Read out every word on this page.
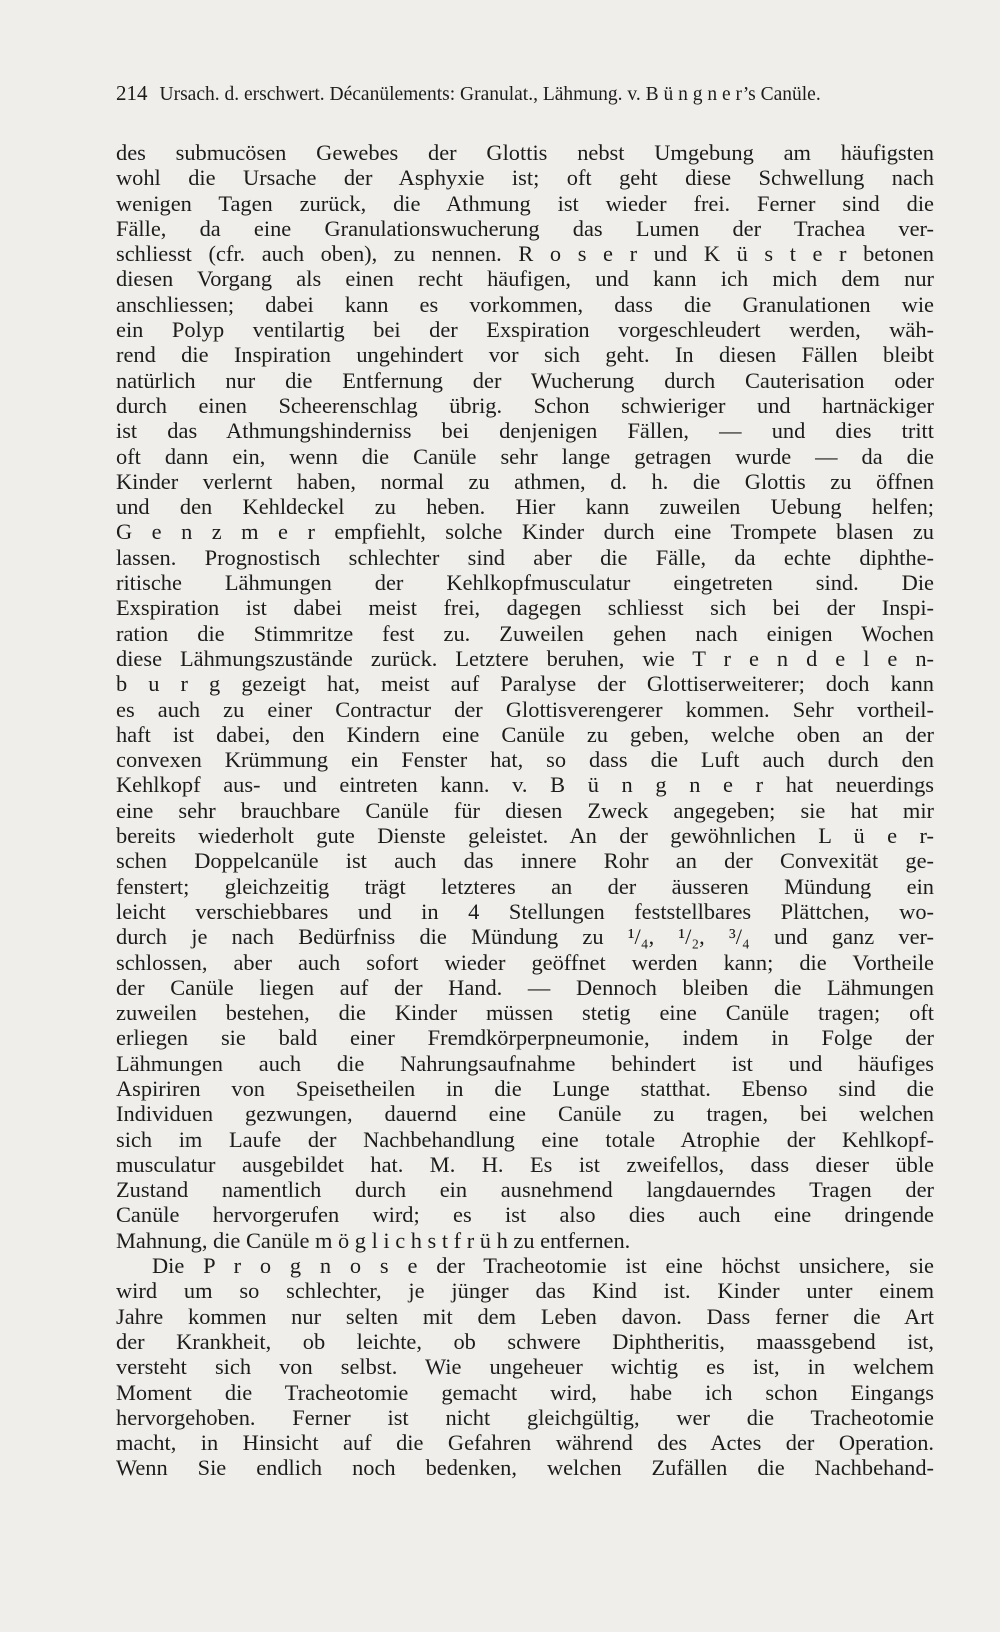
214 Ursach. d. erschwert. Décanülements: Granulat., Lähmung. v. B ü n g n e r’s Canüle.
des submucösen Gewebes der Glottis nebst Umgebung am häufigsten
wohl die Ursache der Asphyxie ist; oft geht diese Schwellung nach
wenigen Tagen zurück, die Athmung ist wieder frei. Ferner sind die
Fälle, da eine Granulationswucherung das Lumen der Trachea ver-
schliesst (cfr. auch oben), zu nennen. R o s e r und K ü s t e r betonen
diesen Vorgang als einen recht häufigen, und kann ich mich dem nur
anschliessen; dabei kann es vorkommen, dass die Granulationen wie
ein Polyp ventilartig bei der Exspiration vorgeschleudert werden, wäh-
rend die Inspiration ungehindert vor sich geht. In diesen Fällen bleibt
natürlich nur die Entfernung der Wucherung durch Cauterisation oder
durch einen Scheerenschlag übrig. Schon schwieriger und hartnäckiger
ist das Athmungshinderniss bei denjenigen Fällen, — und dies tritt
oft dann ein, wenn die Canüle sehr lange getragen wurde — da die
Kinder verlernt haben, normal zu athmen, d. h. die Glottis zu öffnen
und den Kehldeckel zu heben. Hier kann zuweilen Uebung helfen;
G e n z m e r empfiehlt, solche Kinder durch eine Trompete blasen zu
lassen. Prognostisch schlechter sind aber die Fälle, da echte diphthe-
ritische Lähmungen der Kehlkopfmusculatur eingetreten sind. Die
Exspiration ist dabei meist frei, dagegen schliesst sich bei der Inspi-
ration die Stimmritze fest zu. Zuweilen gehen nach einigen Wochen
diese Lähmungszustände zurück. Letztere beruhen, wie T r e n d e l e n-
b u r g gezeigt hat, meist auf Paralyse der Glottiserweiterer; doch kann
es auch zu einer Contractur der Glottisverengerer kommen. Sehr vortheil-
haft ist dabei, den Kindern eine Canüle zu geben, welche oben an der
convexen Krümmung ein Fenster hat, so dass die Luft auch durch den
Kehlkopf aus- und eintreten kann. v. B ü n g n e r hat neuerdings
eine sehr brauchbare Canüle für diesen Zweck angegeben; sie hat mir
bereits wiederholt gute Dienste geleistet. An der gewöhnlichen L ü e r-
schen Doppelcanüle ist auch das innere Rohr an der Convexität ge-
fenstert; gleichzeitig trägt letzteres an der äusseren Mündung ein
leicht verschiebbares und in 4 Stellungen feststellbares Plättchen, wo-
durch je nach Bedürfniss die Mündung zu ¹/₄, ¹/₂, ³/₄ und ganz ver-
schlossen, aber auch sofort wieder geöffnet werden kann; die Vortheile
der Canüle liegen auf der Hand. — Dennoch bleiben die Lähmungen
zuweilen bestehen, die Kinder müssen stetig eine Canüle tragen; oft
erliegen sie bald einer Fremdkörperpneumonie, indem in Folge der
Lähmungen auch die Nahrungsaufnahme behindert ist und häufiges
Aspiriren von Speisetheilen in die Lunge statthat. Ebenso sind die
Individuen gezwungen, dauernd eine Canüle zu tragen, bei welchen
sich im Laufe der Nachbehandlung eine totale Atrophie der Kehlkopf-
musculatur ausgebildet hat. M. H. Es ist zweifellos, dass dieser üble
Zustand namentlich durch ein ausnehmend langdauerndes Tragen der
Canüle hervorgerufen wird; es ist also dies auch eine dringende
Mahnung, die Canüle m ö g l i c h s t f r ü h zu entfernen.
Die P r o g n o s e der Tracheotomie ist eine höchst unsichere, sie
wird um so schlechter, je jünger das Kind ist. Kinder unter einem
Jahre kommen nur selten mit dem Leben davon. Dass ferner die Art
der Krankheit, ob leichte, ob schwere Diphtheritis, maassgebend ist,
versteht sich von selbst. Wie ungeheuer wichtig es ist, in welchem
Moment die Tracheotomie gemacht wird, habe ich schon Eingangs
hervorgehoben. Ferner ist nicht gleichgültig, wer die Tracheotomie
macht, in Hinsicht auf die Gefahren während des Actes der Operation.
Wenn Sie endlich noch bedenken, welchen Zufällen die Nachbehand-
